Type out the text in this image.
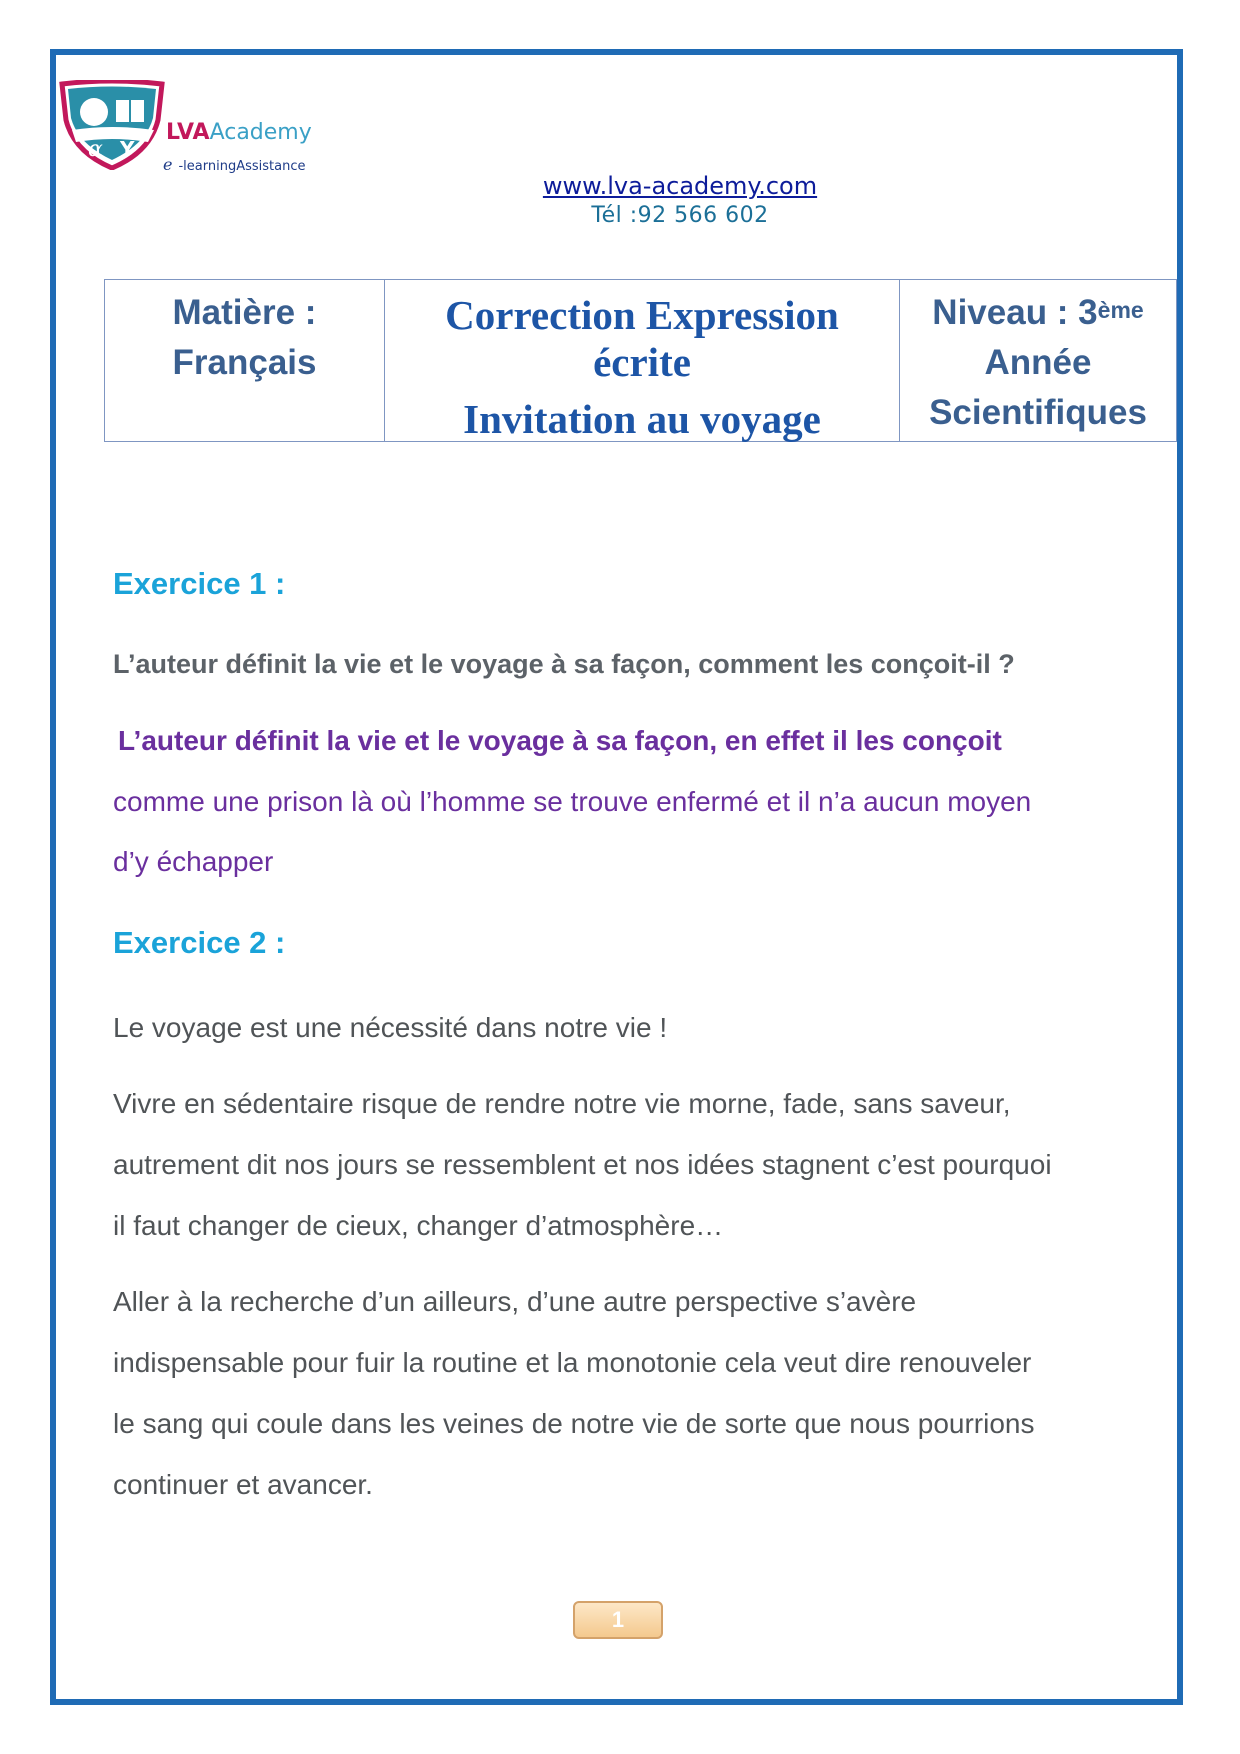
α Y
LVAAcademy
e -learningAssistance
www.lva-academy.com
Tél :92 566 602
Matière :
Français
Correction Expression
écrite
Invitation au voyage
Niveau : 3ème
Année
Scientifiques
Exercice 1 :
L’auteur définit la vie et le voyage à sa façon, comment les conçoit-il ?
L’auteur définit la vie et le voyage à sa façon, en effet il les conçoit
comme une prison là où l’homme se trouve enfermé et il n’a aucun moyen
d’y échapper
Exercice 2 :
Le voyage est une nécessité dans notre vie !
Vivre en sédentaire risque de rendre notre vie morne, fade, sans saveur,
autrement dit nos jours se ressemblent et nos idées stagnent c’est pourquoi
il faut changer de cieux, changer d’atmosphère…
Aller à la recherche d’un ailleurs, d’une autre perspective s’avère
indispensable pour fuir la routine et la monotonie cela veut dire renouveler
le sang qui coule dans les veines de notre vie de sorte que nous pourrions
continuer et avancer.
1
